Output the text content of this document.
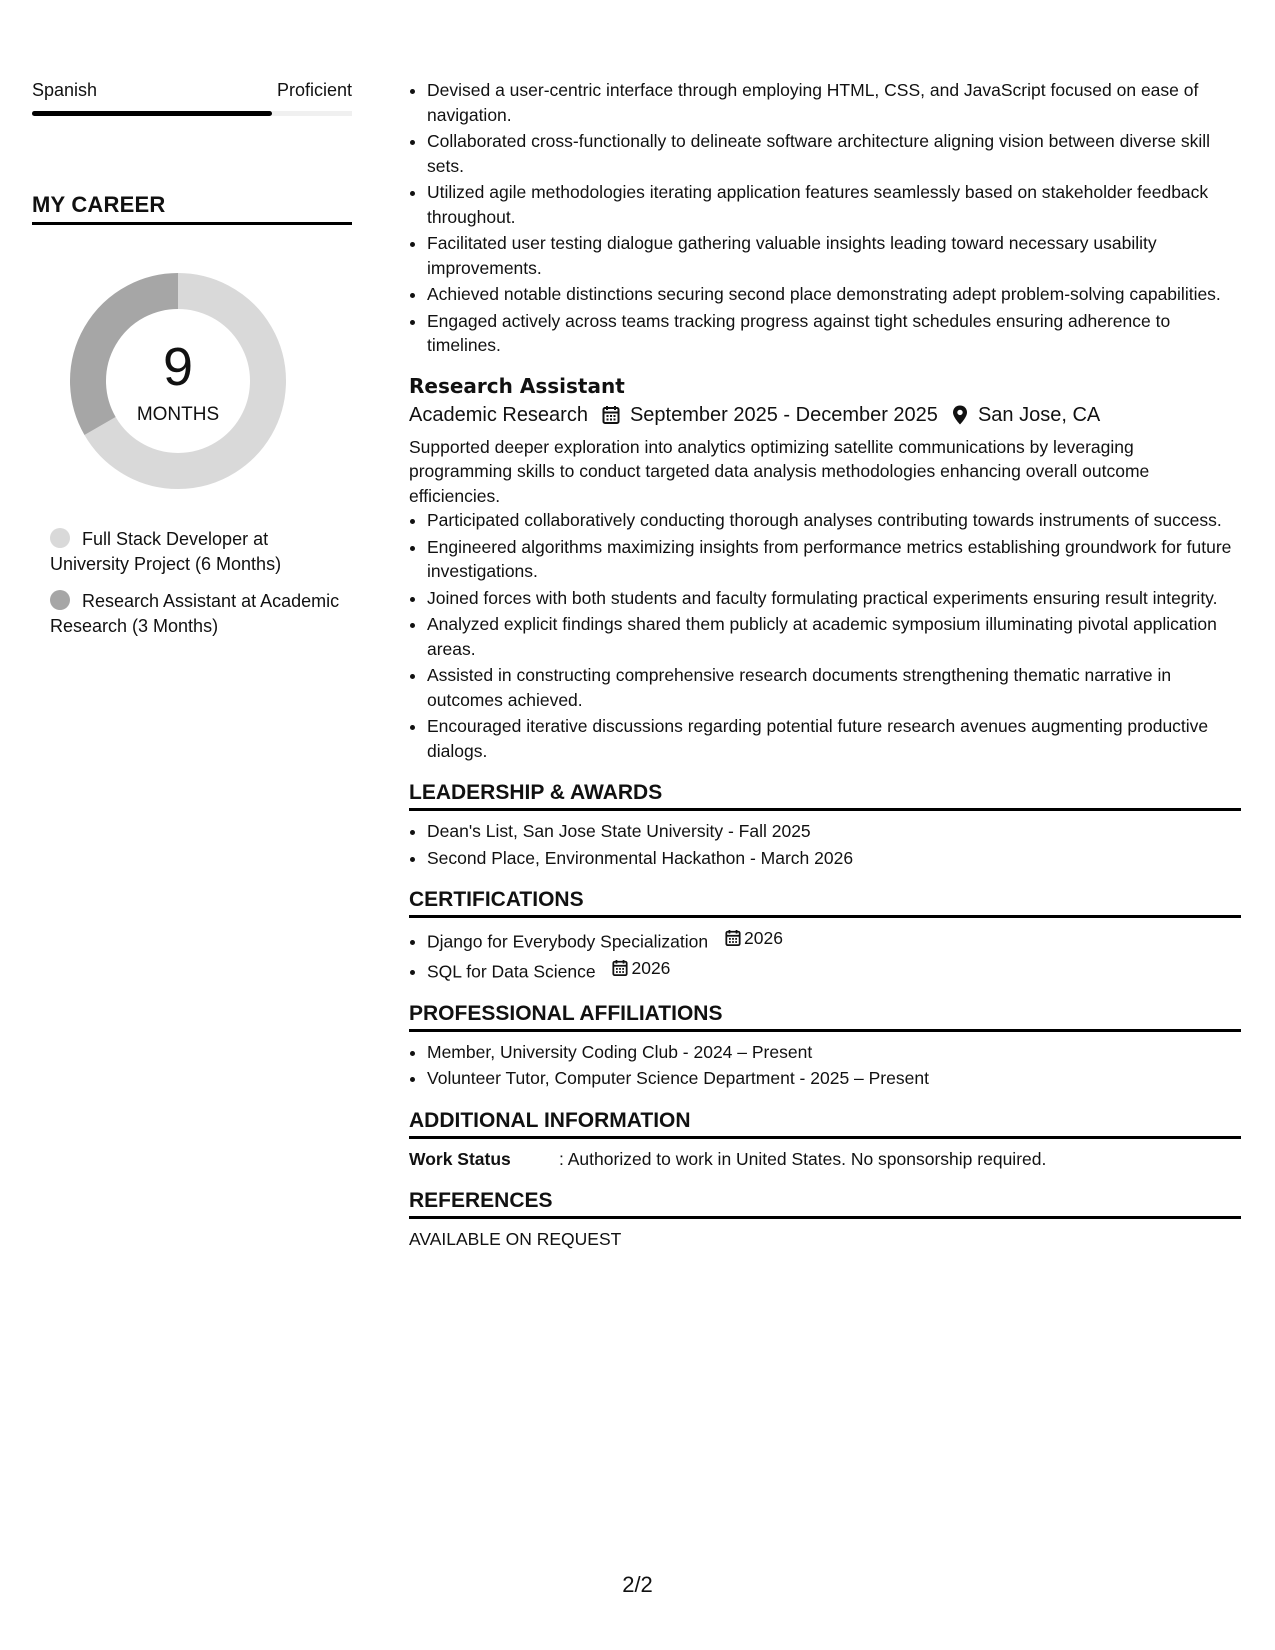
Spanish	Proficient
MY CAREER
9
MONTHS
Full Stack Developer at University Project (6 Months)
Research Assistant at Academic Research (3 Months)
• Devised a user-centric interface through employing HTML, CSS, and JavaScript focused on ease of navigation.
• Collaborated cross-functionally to delineate software architecture aligning vision between diverse skill sets.
• Utilized agile methodologies iterating application features seamlessly based on stakeholder feedback throughout.
• Facilitated user testing dialogue gathering valuable insights leading toward necessary usability improvements.
• Achieved notable distinctions securing second place demonstrating adept problem-solving capabilities.
• Engaged actively across teams tracking progress against tight schedules ensuring adherence to timelines.
Research Assistant
Academic Research September 2025 - December 2025 San Jose, CA
Supported deeper exploration into analytics optimizing satellite communications by leveraging programming skills to conduct targeted data analysis methodologies enhancing overall outcome efficiencies.
• Participated collaboratively conducting thorough analyses contributing towards instruments of success.
• Engineered algorithms maximizing insights from performance metrics establishing groundwork for future investigations.
• Joined forces with both students and faculty formulating practical experiments ensuring result integrity.
• Analyzed explicit findings shared them publicly at academic symposium illuminating pivotal application areas.
• Assisted in constructing comprehensive research documents strengthening thematic narrative in outcomes achieved.
• Encouraged iterative discussions regarding potential future research avenues augmenting productive dialogs.
LEADERSHIP & AWARDS
• Dean's List, San Jose State University - Fall 2025
• Second Place, Environmental Hackathon - March 2026
CERTIFICATIONS
• Django for Everybody Specialization 2026
• SQL for Data Science 2026
PROFESSIONAL AFFILIATIONS
• Member, University Coding Club - 2024 – Present
• Volunteer Tutor, Computer Science Department - 2025 – Present
ADDITIONAL INFORMATION
Work Status	: Authorized to work in United States. No sponsorship required.
REFERENCES
AVAILABLE ON REQUEST
2/2
